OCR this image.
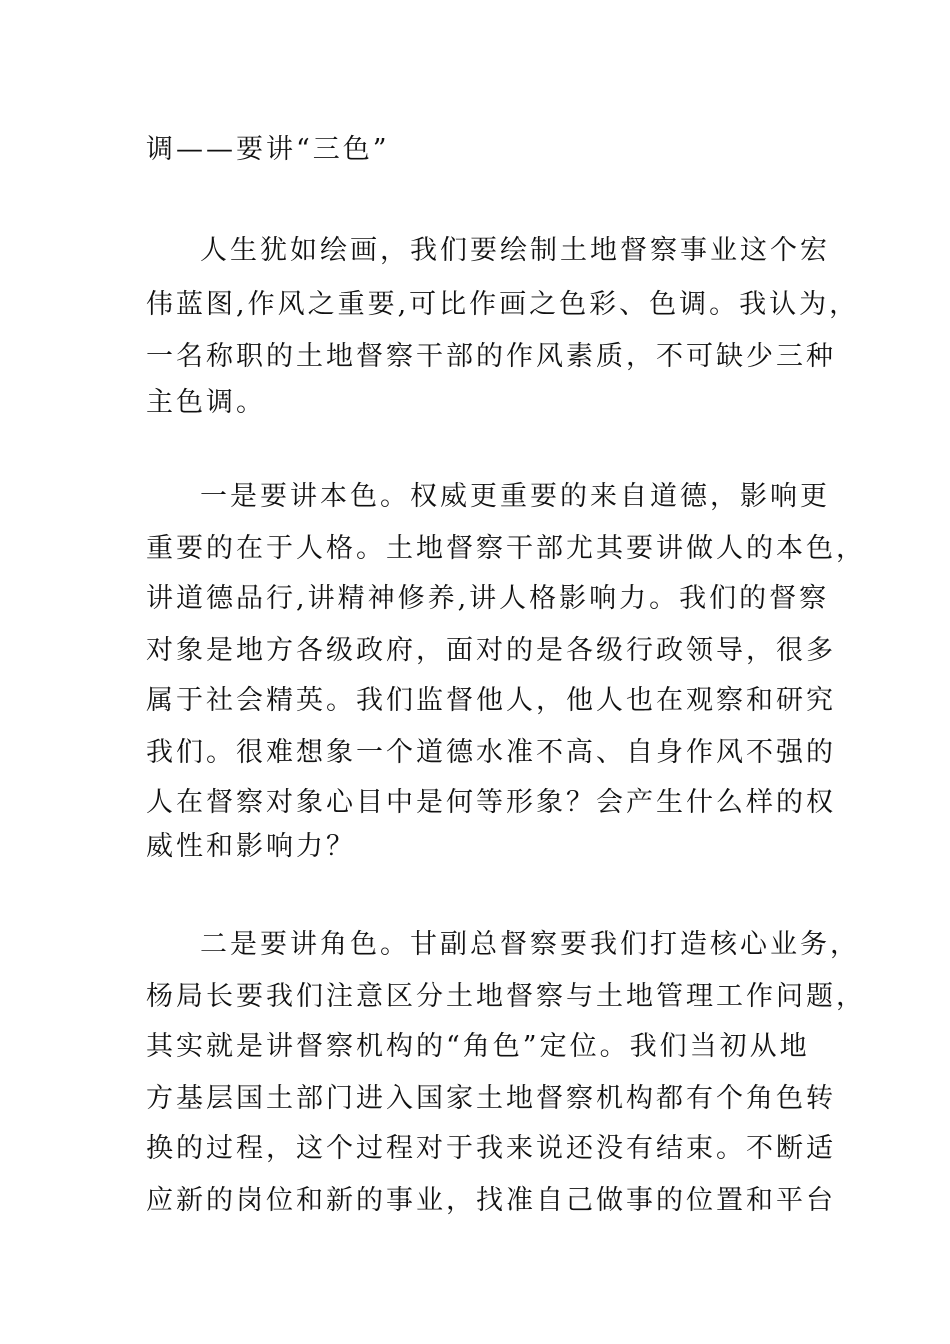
调——要讲“三色”
人生犹如绘画，我们要绘制土地督察事业这个宏
伟蓝图,作风之重要,可比作画之色彩、色调。我认为，
一名称职的土地督察干部的作风素质，不可缺少三种
主色调。
一是要讲本色。权威更重要的来自道德，影响更
重要的在于人格。土地督察干部尤其要讲做人的本色，
讲道德品行,讲精神修养,讲人格影响力。我们的督察
对象是地方各级政府，面对的是各级行政领导，很多
属于社会精英。我们监督他人，他人也在观察和研究
我们。很难想象一个道德水准不高、自身作风不强的
人在督察对象心目中是何等形象？会产生什么样的权
威性和影响力？
二是要讲角色。甘副总督察要我们打造核心业务，
杨局长要我们注意区分土地督察与土地管理工作问题，
其实就是讲督察机构的“角色”定位。我们当初从地
方基层国土部门进入国家土地督察机构都有个角色转
换的过程，这个过程对于我来说还没有结束。不断适
应新的岗位和新的事业，找准自己做事的位置和平台
